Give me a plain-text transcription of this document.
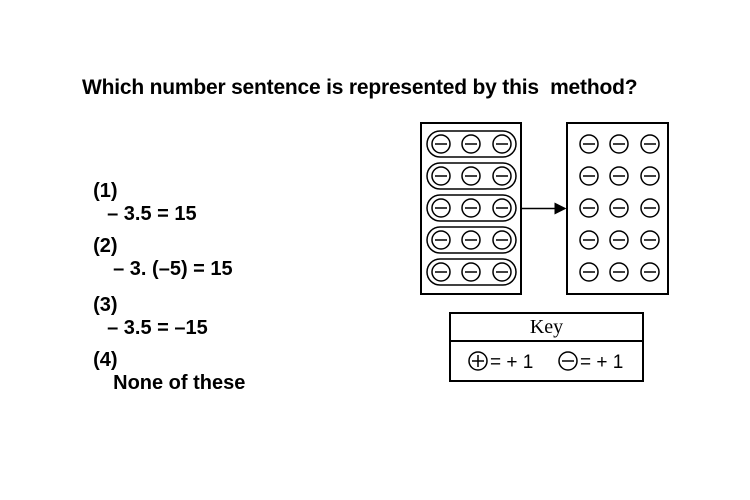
Which number sentence is represented by this  method?

(1)
– 3.5 = 15

(2)
– 3. (–5) = 15

(3)
– 3.5 = –15

(4)
None of these

Key
= + 1 = + 1
